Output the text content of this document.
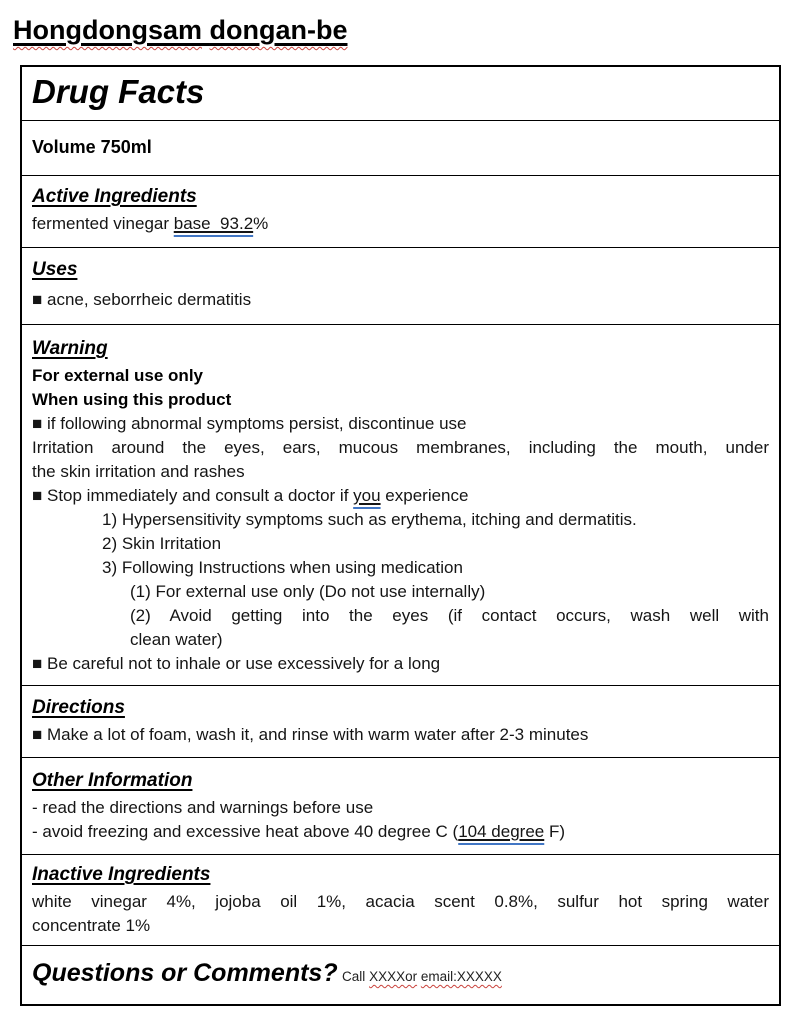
Hongdongsam dongan-be
Drug Facts
Volume 750ml
Active Ingredients
fermented vinegar base  93.2%
Uses
■ acne, seborrheic dermatitis
Warning
For external use only
When using this product
■ if following abnormal symptoms persist, discontinue use
Irritation around the eyes, ears, mucous membranes, including the mouth, under
the skin irritation and rashes
■ Stop immediately and consult a doctor if you experience
1) Hypersensitivity symptoms such as erythema, itching and dermatitis.
2) Skin Irritation
3) Following Instructions when using medication
(1) For external use only (Do not use internally)
(2) Avoid getting into the eyes (if contact occurs, wash well with
clean water)
■ Be careful not to inhale or use excessively for a long
Directions
■ Make a lot of foam, wash it, and rinse with warm water after 2-3 minutes
Other Information
- read the directions and warnings before use
- avoid freezing and excessive heat above 40 degree C (104 degree F)
Inactive Ingredients
white vinegar 4%, jojoba oil 1%, acacia scent 0.8%, sulfur hot spring water
concentrate 1%
Questions or Comments? Call XXXXor email:XXXXX
